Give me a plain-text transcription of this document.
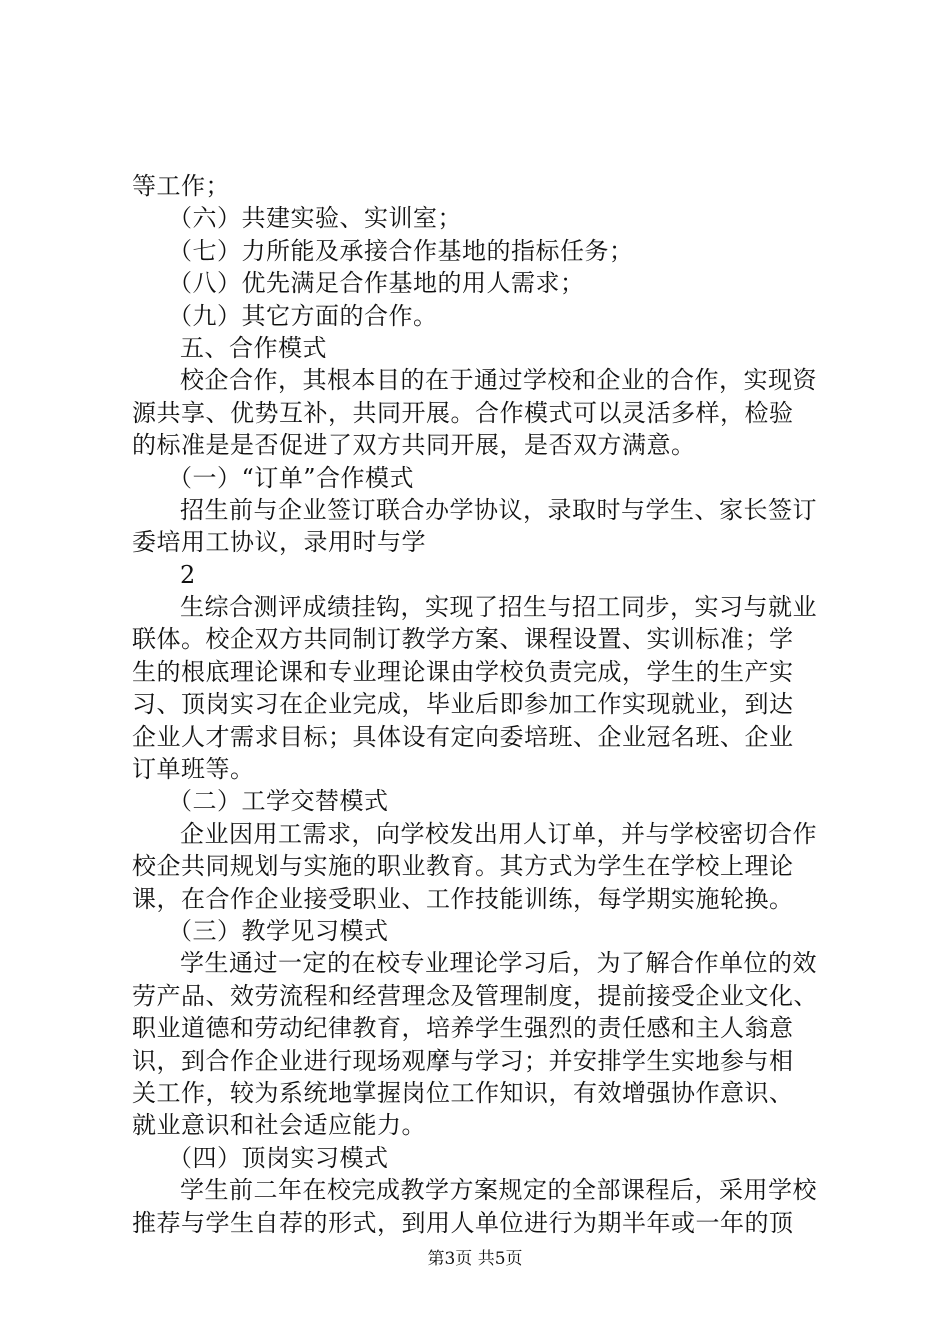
等工作；
（六）共建实验、实训室；
（七）力所能及承接合作基地的指标任务；
（八）优先满足合作基地的用人需求；
（九）其它方面的合作。
五、合作模式
校企合作，其根本目的在于通过学校和企业的合作，实现资
源共享、优势互补，共同开展。合作模式可以灵活多样，检验
的标准是是否促进了双方共同开展，是否双方满意。
（一）“订单”合作模式
招生前与企业签订联合办学协议，录取时与学生、家长签订
委培用工协议，录用时与学
2
生综合测评成绩挂钩，实现了招生与招工同步，实习与就业
联体。校企双方共同制订教学方案、课程设置、实训标准；学
生的根底理论课和专业理论课由学校负责完成，学生的生产实
习、顶岗实习在企业完成，毕业后即参加工作实现就业，到达
企业人才需求目标；具体设有定向委培班、企业冠名班、企业
订单班等。
（二）工学交替模式
企业因用工需求，向学校发出用人订单，并与学校密切合作
校企共同规划与实施的职业教育。其方式为学生在学校上理论
课，在合作企业接受职业、工作技能训练，每学期实施轮换。
（三）教学见习模式
学生通过一定的在校专业理论学习后，为了解合作单位的效
劳产品、效劳流程和经营理念及管理制度，提前接受企业文化、
职业道德和劳动纪律教育，培养学生强烈的责任感和主人翁意
识，到合作企业进行现场观摩与学习；并安排学生实地参与相
关工作，较为系统地掌握岗位工作知识，有效增强协作意识、
就业意识和社会适应能力。
（四）顶岗实习模式
学生前二年在校完成教学方案规定的全部课程后，采用学校
推荐与学生自荐的形式，到用人单位进行为期半年或一年的顶
第3页 共5页
